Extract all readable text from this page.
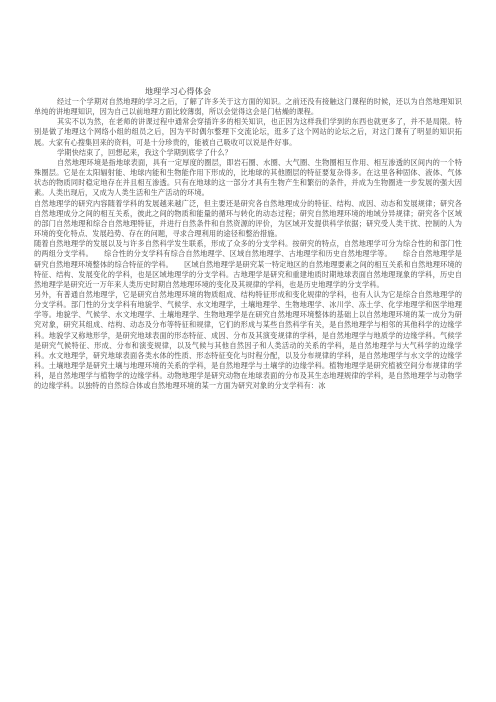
地理学习心得体会

经过一个学期对自然地理的学习之后，了解了许多关于这方面的知识。之前还没有接触这门课程的时候，还以为自然地理知识单纯的讲地理知识，因为自己以前地理方面比较薄弱，所以会觉得这会是门枯燥的课程。

其实不以为然，在老师的讲课过程中通常会穿插许多的相关知识，也正因为这样我们学到的东西也就更多了，并不是局限。特别是做了地理这个网络小组的组员之后，因为平时偶尔整理下交流论坛，逛多了这个网站的论坛之后，对这门课有了明显的知识拓展。大家有心搜集回来的资料，可是十分珍贵的，能被自己吸收可以说是件好事。

学期快结束了，回想起来，我这个学期到底学了什么？

自然地理环境是指地球表面，具有一定厚度的圈层，即岩石圈、水圈、大气圈、生物圈相互作用、相互渗透的区间内的一个特殊圈层。它是在太阳辐射能、地球内能和生物能作用下形成的，比地球的其他圈层的特征要复杂得多。在这里各种固体、液体、气体状态的物质同时稳定地存在并且相互渗透。只有在地球的这一部分才具有生物产生和繁衍的条件，并成为生物圈进一步发展的强大因素。人类出现后，又成为人类生活和生产活动的环境。

自然地理学的研究内容随着学科的发展越来越广泛，但主要还是研究各自然地理成分的特征、结构、成因、动态和发展规律；研究各自然地理成分之间的相互关系，彼此之间的物质和能量的循环与转化的动态过程；研究自然地理环境的地域分异规律；研究各个区域的部门自然地理和综合自然地理特征，并进行自然条件和自然资源的评价，为区域开发提供科学依据；研究受人类干扰、控制的人为环境的变化特点、发展趋势、存在的问题，寻求合理利用的途径和整治措施。

随着自然地理学的发展以及与许多自然科学发生联系，形成了众多的分支学科。按研究的特点，自然地理学可分为综合性的和部门性的两组分支学科。　　综合性的分支学科有综合自然地理学、区域自然地理学、古地理学和历史自然地理学等。　　综合自然地理学是研究自然地理环境整体的综合特征的学科。　　区域自然地理学是研究某一特定地区的自然地理要素之间的相互关系和自然地理环境的特征、结构、发展变化的学科，也是区域地理学的分支学科。古地理学是研究和重建地质时期地球表面自然地理现象的学科，历史自然地理学是研究近一万年来人类历史时期自然地理环境的变化及其规律的学科，也是历史地理学的分支学科。

另外，有普通自然地理学，它是研究自然地理环境的物质组成、结构特征形成和变化规律的学科，也有人认为它是综合自然地理学的分支学科。部门性的分支学科有地貌学、气候学、水文地理学，土壤地理学、生物地理学、冰川学、冻土学、化学地理学和医学地理学等。地貌学、气候学、水文地理学、土壤地理学、生物地理学是在研究自然地理环境整体的基础上以自然地理环境的某一成分为研究对象，研究其组成、结构、动态及分布等特征和规律，它们的形成与某些自然科学有关，是自然地理学与相邻的其他科学的边缘学科。地貌学又称地形学，是研究地球表面的形态特征、成因、分布及其演变规律的学科，是自然地理学与地质学的边缘学科。气候学是研究气候特征、形成、分布和演变规律，以及气候与其他自然因子和人类活动的关系的学科，是自然地理学与大气科学的边缘学科。水文地理学，研究地球表面各类水体的性质、形态特征变化与时程分配，以及分布规律的学科，是自然地理学与水文学的边缘学科。土壤地理学是研究土壤与地理环境的关系的学科，是自然地理学与土壤学的边缘学科。植物地理学是研究植被空间分布规律的学科，是自然地理学与植物学的边缘学科。动物地理学是研究动物在地球表面的分布及其生态地理规律的学科，是自然地理学与动物学的边缘学科。以独特的自然综合体或自然地理环境的某一方面为研究对象的分支学科有：冰
